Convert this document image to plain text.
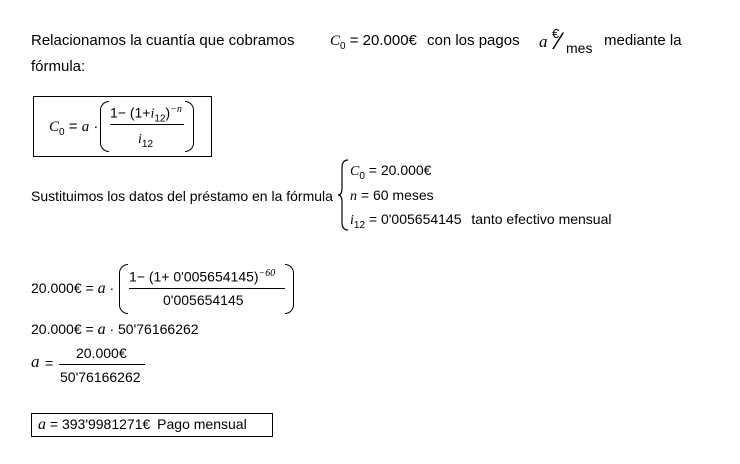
Relacionamos la cuantía que cobramos $C_0$ = 20.000€ con los pagos a €
⁄ mes mediante la
fórmula:
$C_0 = a$ ·
$1- (1+i_{12})^{-n}$
$i_{12}$
Sustituimos los datos del préstamo en la fórmula
$C_0$ = 20.000€
n = 60 meses
$i_{12} = 0'005654145$ tanto efectivo mensual
20.000€ = a ·
$1- (1+ 0'005654145)^{-60}$
0'005654145
20.000€ = a · 50'76166262
a =
20.000€
50'76166262
a = 393'9981271€ Pago mensual
